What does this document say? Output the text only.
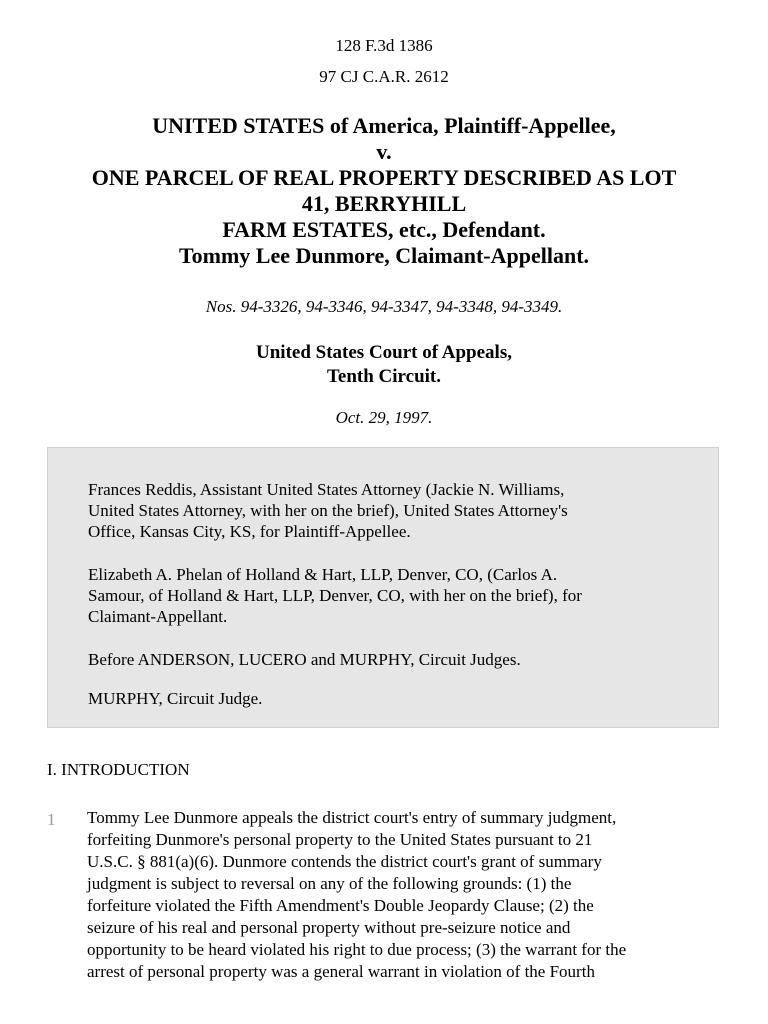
128 F.3d 1386
97 CJ C.A.R. 2612
UNITED STATES of America, Plaintiff-Appellee,
v.
ONE PARCEL OF REAL PROPERTY DESCRIBED AS LOT
41, BERRYHILL
FARM ESTATES, etc., Defendant.
Tommy Lee Dunmore, Claimant-Appellant.
Nos. 94-3326, 94-3346, 94-3347, 94-3348, 94-3349.
United States Court of Appeals,
Tenth Circuit.
Oct. 29, 1997.

Frances Reddis, Assistant United States Attorney (Jackie N. Williams,
United States Attorney, with her on the brief), United States Attorney's
Office, Kansas City, KS, for Plaintiff-Appellee.

Elizabeth A. Phelan of Holland & Hart, LLP, Denver, CO, (Carlos A.
Samour, of Holland & Hart, LLP, Denver, CO, with her on the brief), for
Claimant-Appellant.

Before ANDERSON, LUCERO and MURPHY, Circuit Judges.

MURPHY, Circuit Judge.

I. INTRODUCTION
1 Tommy Lee Dunmore appeals the district court's entry of summary judgment,
forfeiting Dunmore's personal property to the United States pursuant to 21
U.S.C. § 881(a)(6). Dunmore contends the district court's grant of summary
judgment is subject to reversal on any of the following grounds: (1) the
forfeiture violated the Fifth Amendment's Double Jeopardy Clause; (2) the
seizure of his real and personal property without pre-seizure notice and
opportunity to be heard violated his right to due process; (3) the warrant for the
arrest of personal property was a general warrant in violation of the Fourth
